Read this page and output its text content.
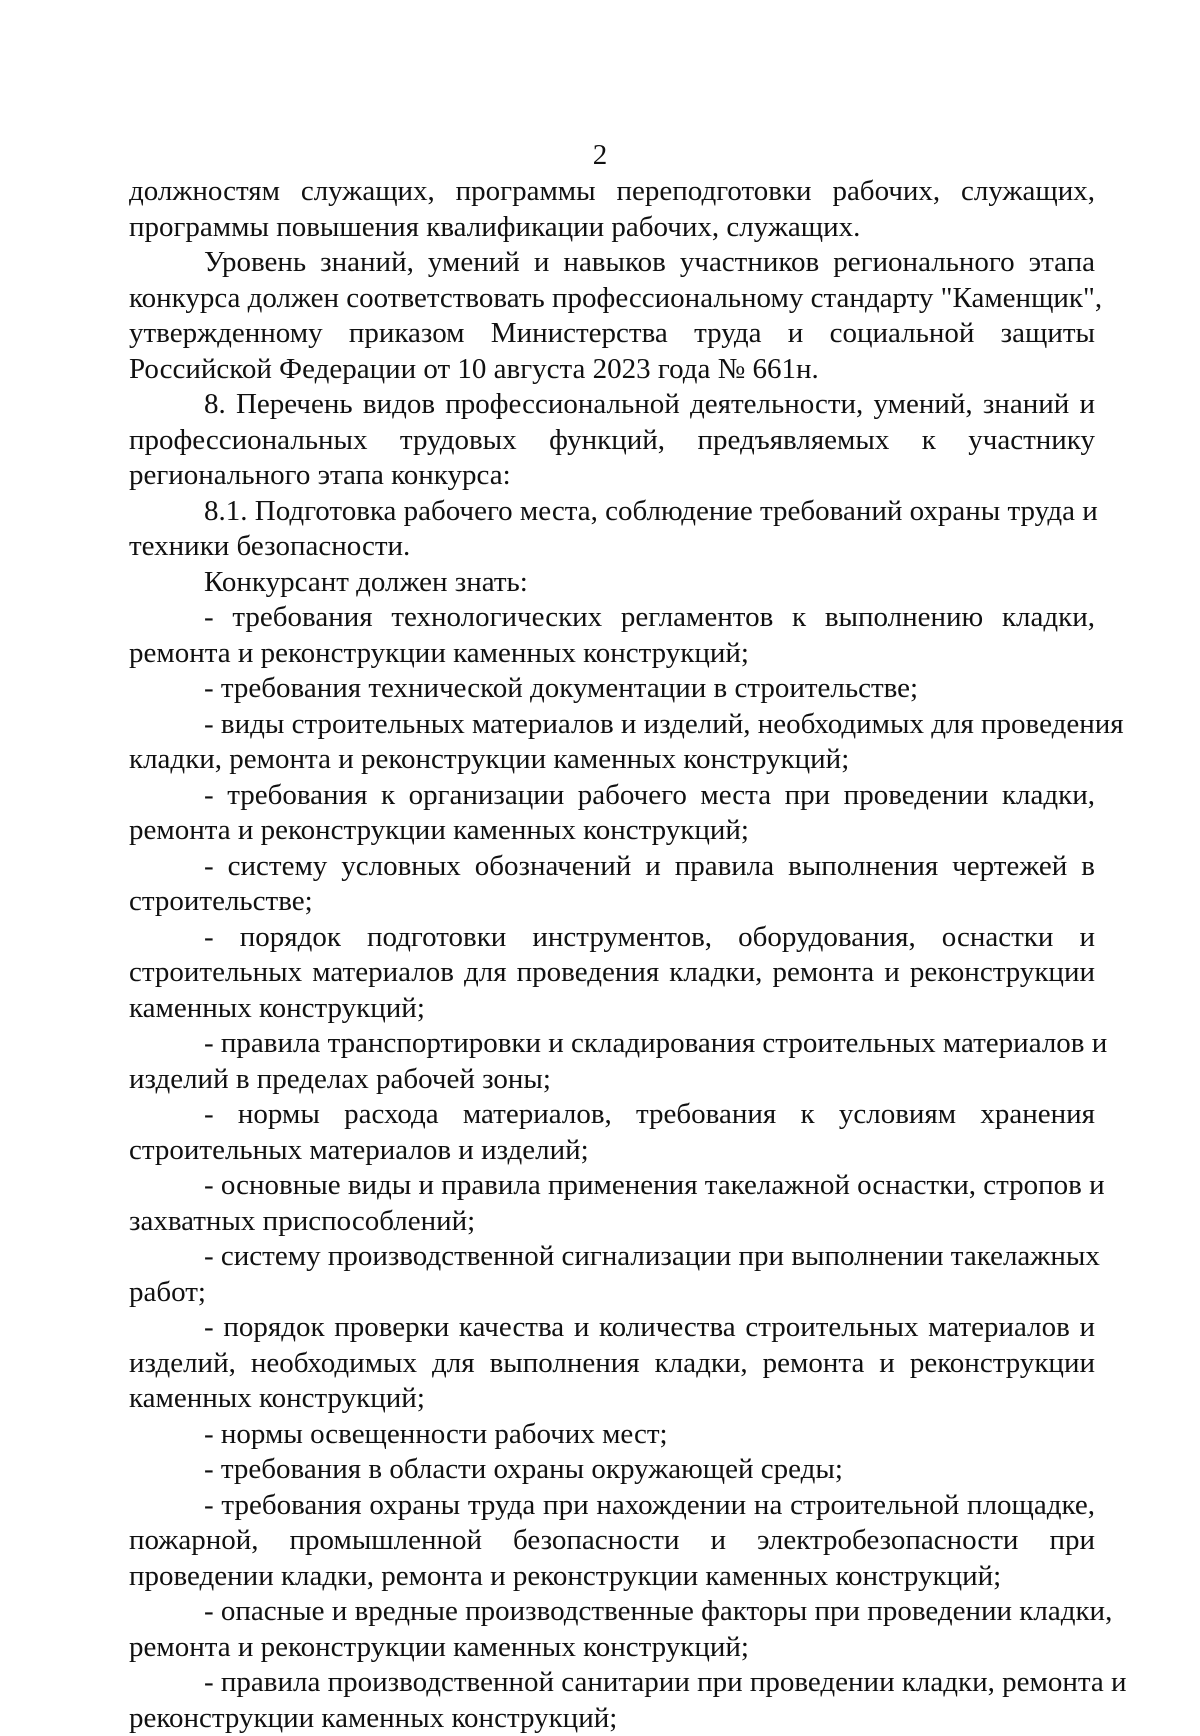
2
должностям служащих, программы переподготовки рабочих, служащих,
программы повышения квалификации рабочих, служащих.
Уровень знаний, умений и навыков участников регионального этапа
конкурса должен соответствовать профессиональному стандарту "Каменщик",
утвержденному приказом Министерства труда и социальной защиты
Российской Федерации от 10 августа 2023 года № 661н.
8. Перечень видов профессиональной деятельности, умений, знаний и
профессиональных трудовых функций, предъявляемых к участнику
регионального этапа конкурса:
8.1. Подготовка рабочего места, соблюдение требований охраны труда и
техники безопасности.
Конкурсант должен знать:
- требования технологических регламентов к выполнению кладки,
ремонта и реконструкции каменных конструкций;
- требования технической документации в строительстве;
- виды строительных материалов и изделий, необходимых для проведения
кладки, ремонта и реконструкции каменных конструкций;
- требования к организации рабочего места при проведении кладки,
ремонта и реконструкции каменных конструкций;
- систему условных обозначений и правила выполнения чертежей в
строительстве;
- порядок подготовки инструментов, оборудования, оснастки и
строительных материалов для проведения кладки, ремонта и реконструкции
каменных конструкций;
- правила транспортировки и складирования строительных материалов и
изделий в пределах рабочей зоны;
- нормы расхода материалов, требования к условиям хранения
строительных материалов и изделий;
- основные виды и правила применения такелажной оснастки, стропов и
захватных приспособлений;
- систему производственной сигнализации при выполнении такелажных
работ;
- порядок проверки качества и количества строительных материалов и
изделий, необходимых для выполнения кладки, ремонта и реконструкции
каменных конструкций;
- нормы освещенности рабочих мест;
- требования в области охраны окружающей среды;
- требования охраны труда при нахождении на строительной площадке,
пожарной, промышленной безопасности и электробезопасности при
проведении кладки, ремонта и реконструкции каменных конструкций;
- опасные и вредные производственные факторы при проведении кладки,
ремонта и реконструкции каменных конструкций;
- правила производственной санитарии при проведении кладки, ремонта и
реконструкции каменных конструкций;
